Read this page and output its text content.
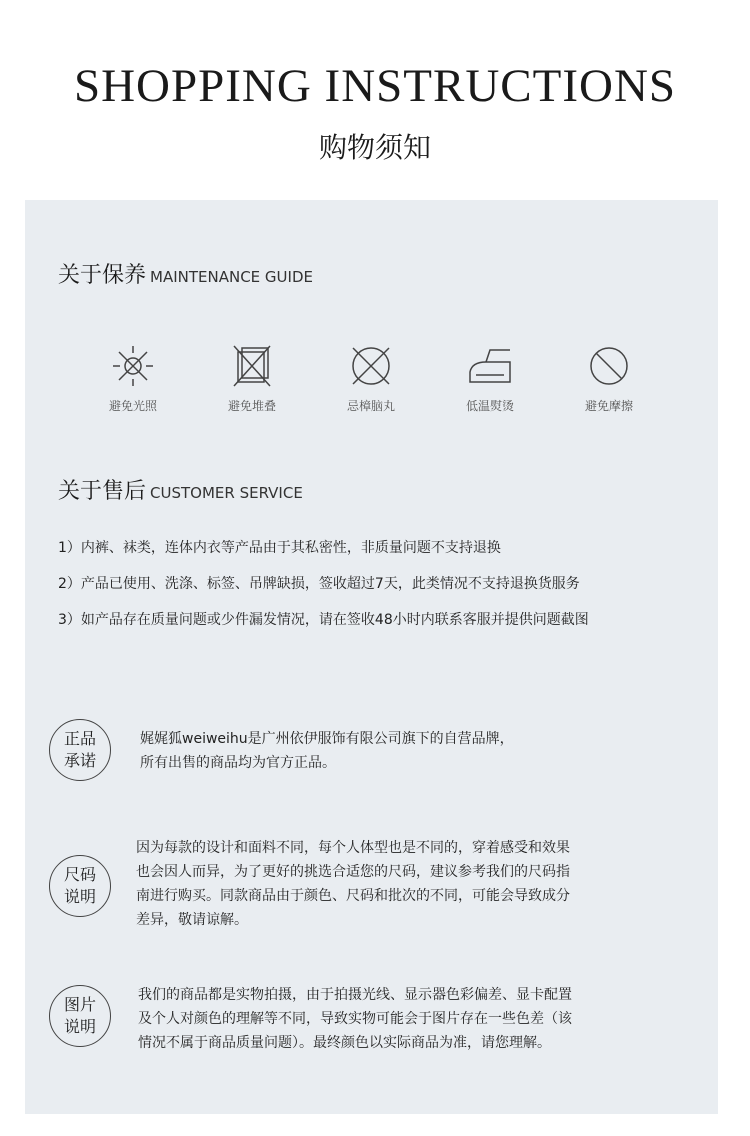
SHOPPING INSTRUCTIONS
购物须知
关于保养 MAINTENANCE GUIDE
避免光照	避免堆叠	忌樟脑丸	低温熨烫	避免摩擦
关于售后 CUSTOMER SERVICE
1）内裤、袜类，连体内衣等产品由于其私密性，非质量问题不支持退换
2）产品已使用、洗涤、标签、吊牌缺损，签收超过7天，此类情况不支持退换货服务
3）如产品存在质量问题或少件漏发情况，请在签收48小时内联系客服并提供问题截图
正品
承诺
娓娓狐weiweihu是广州依伊服饰有限公司旗下的自营品牌，
所有出售的商品均为官方正品。
尺码
说明
因为每款的设计和面料不同，每个人体型也是不同的，穿着感受和效果
也会因人而异，为了更好的挑选合适您的尺码，建议参考我们的尺码指
南进行购买。同款商品由于颜色、尺码和批次的不同，可能会导致成分
差异，敬请谅解。
图片
说明
我们的商品都是实物拍摄，由于拍摄光线、显示器色彩偏差、显卡配置
及个人对颜色的理解等不同，导致实物可能会于图片存在一些色差（该
情况不属于商品质量问题）。最终颜色以实际商品为准，请您理解。
